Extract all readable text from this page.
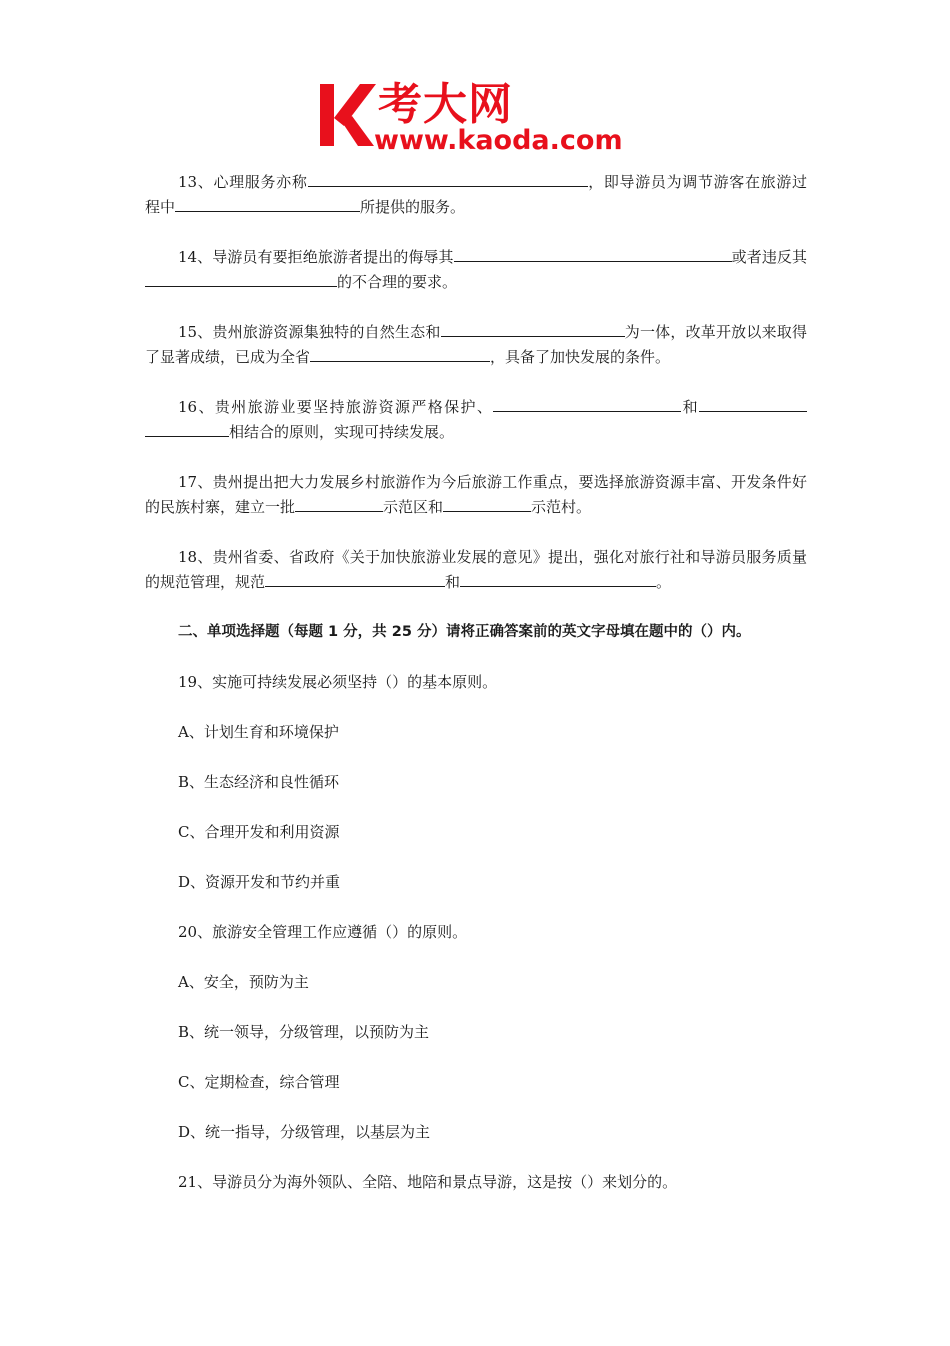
考大网
www.kaoda.com

13、心理服务亦称	，即导游员为调节游客在旅游过程中	所提供的服务。

14、导游员有要拒绝旅游者提出的侮辱其	或者违反其的不合理的要求。

15、贵州旅游资源集独特的自然生态和	为一体，改革开放以来取得了显著成绩，已成为全省	，具备了加快发展的条件。

16、贵州旅游业要坚持旅游资源严格保护、	和相结合的原则，实现可持续发展。

17、贵州提出把大力发展乡村旅游作为今后旅游工作重点，要选择旅游资源丰富、开发条件好的民族村寨，建立一批	示范区和	示范村。

18、贵州省委、省政府《关于加快旅游业发展的意见》提出，强化对旅行社和导游员服务质量的规范管理，规范	和	。

二、单项选择题（每题 1 分，共 25 分）请将正确答案前的英文字母填在题中的（）内。

19、实施可持续发展必须坚持（）的基本原则。

A、计划生育和环境保护

B、生态经济和良性循环

C、合理开发和利用资源

D、资源开发和节约并重

20、旅游安全管理工作应遵循（）的原则。

A、安全，预防为主

B、统一领导，分级管理，以预防为主

C、定期检查，综合管理

D、统一指导，分级管理，以基层为主

21、导游员分为海外领队、全陪、地陪和景点导游，这是按（）来划分的。
